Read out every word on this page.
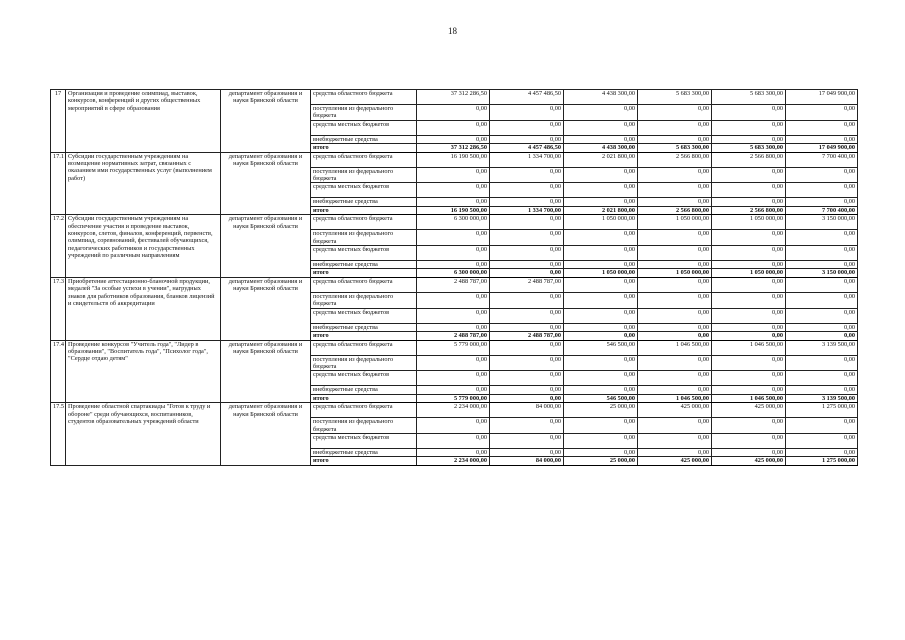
18
17	Организация и проведение олимпиад, выставок, конкурсов, конференций и других общественных мероприятий в сфере образования	департамент образования и науки Брянской области	средства областного бюджета	37 312 286,50	4 457 486,50	4 438 300,00	5 683 300,00	5 683 300,00	17 049 900,00
			поступления из федерального бюджета	0,00	0,00	0,00	0,00	0,00	0,00
			средства местных бюджетов	0,00	0,00	0,00	0,00	0,00	0,00
			внебюджетные средства	0,00	0,00	0,00	0,00	0,00	0,00
			итого	37 312 286,50	4 457 486,50	4 438 300,00	5 683 300,00	5 683 300,00	17 049 900,00
17.1	Субсидии государственным учреждениям на возмещение нормативных затрат, связанных с оказанием ими государственных услуг (выполнением работ)	департамент образования и науки Брянской области	средства областного бюджета	16 190 500,00	1 334 700,00	2 021 800,00	2 566 800,00	2 566 800,00	7 700 400,00
			поступления из федерального бюджета	0,00	0,00	0,00	0,00	0,00	0,00
			средства местных бюджетов	0,00	0,00	0,00	0,00	0,00	0,00
			внебюджетные средства	0,00	0,00	0,00	0,00	0,00	0,00
			итого	16 190 500,00	1 334 700,00	2 021 800,00	2 566 800,00	2 566 800,00	7 700 400,00
17.2	Субсидии государственным учреждениям на обеспечение участия и проведение выставок, конкурсов, слетов, финалов, конференций, первенств, олимпиад, соревнований, фестивалей обучающихся, педагогических работников и государственных учреждений по различным направлениям	департамент образования и науки Брянской области	средства областного бюджета	6 300 000,00	0,00	1 050 000,00	1 050 000,00	1 050 000,00	3 150 000,00
			поступления из федерального бюджета	0,00	0,00	0,00	0,00	0,00	0,00
			средства местных бюджетов	0,00	0,00	0,00	0,00	0,00	0,00
			внебюджетные средства	0,00	0,00	0,00	0,00	0,00	0,00
			итого	6 300 000,00	0,00	1 050 000,00	1 050 000,00	1 050 000,00	3 150 000,00
17.3	Приобретение аттестационно-бланочной продукции, медалей "За особые успехи в учении", нагрудных знаков для работников образования, бланков лицензий и свидетельств об аккредитации	департамент образования и науки Брянской области	средства областного бюджета	2 488 787,00	2 488 787,00	0,00	0,00	0,00	0,00
			поступления из федерального бюджета	0,00	0,00	0,00	0,00	0,00	0,00
			средства местных бюджетов	0,00	0,00	0,00	0,00	0,00	0,00
			внебюджетные средства	0,00	0,00	0,00	0,00	0,00	0,00
			итого	2 488 787,00	2 488 787,00	0,00	0,00	0,00	0,00
17.4	Проведение конкурсов "Учитель года", "Лидер в образовании", "Воспитатель года", "Психолог года", "Сердце отдаю детям"	департамент образования и науки Брянской области	средства областного бюджета	5 779 000,00	0,00	546 500,00	1 046 500,00	1 046 500,00	3 139 500,00
			поступления из федерального бюджета	0,00	0,00	0,00	0,00	0,00	0,00
			средства местных бюджетов	0,00	0,00	0,00	0,00	0,00	0,00
			внебюджетные средства	0,00	0,00	0,00	0,00	0,00	0,00
			итого	5 779 000,00	0,00	546 500,00	1 046 500,00	1 046 500,00	3 139 500,00
17.5	Проведение областной спартакиады "Готов к труду и обороне" среди обучающихся, воспитанников, студентов образовательных учреждений области	департамент образования и науки Брянской области	средства областного бюджета	2 234 000,00	84 000,00	25 000,00	425 000,00	425 000,00	1 275 000,00
			поступления из федерального бюджета	0,00	0,00	0,00	0,00	0,00	0,00
			средства местных бюджетов	0,00	0,00	0,00	0,00	0,00	0,00
			внебюджетные средства	0,00	0,00	0,00	0,00	0,00	0,00
			итого	2 234 000,00	84 000,00	25 000,00	425 000,00	425 000,00	1 275 000,00
